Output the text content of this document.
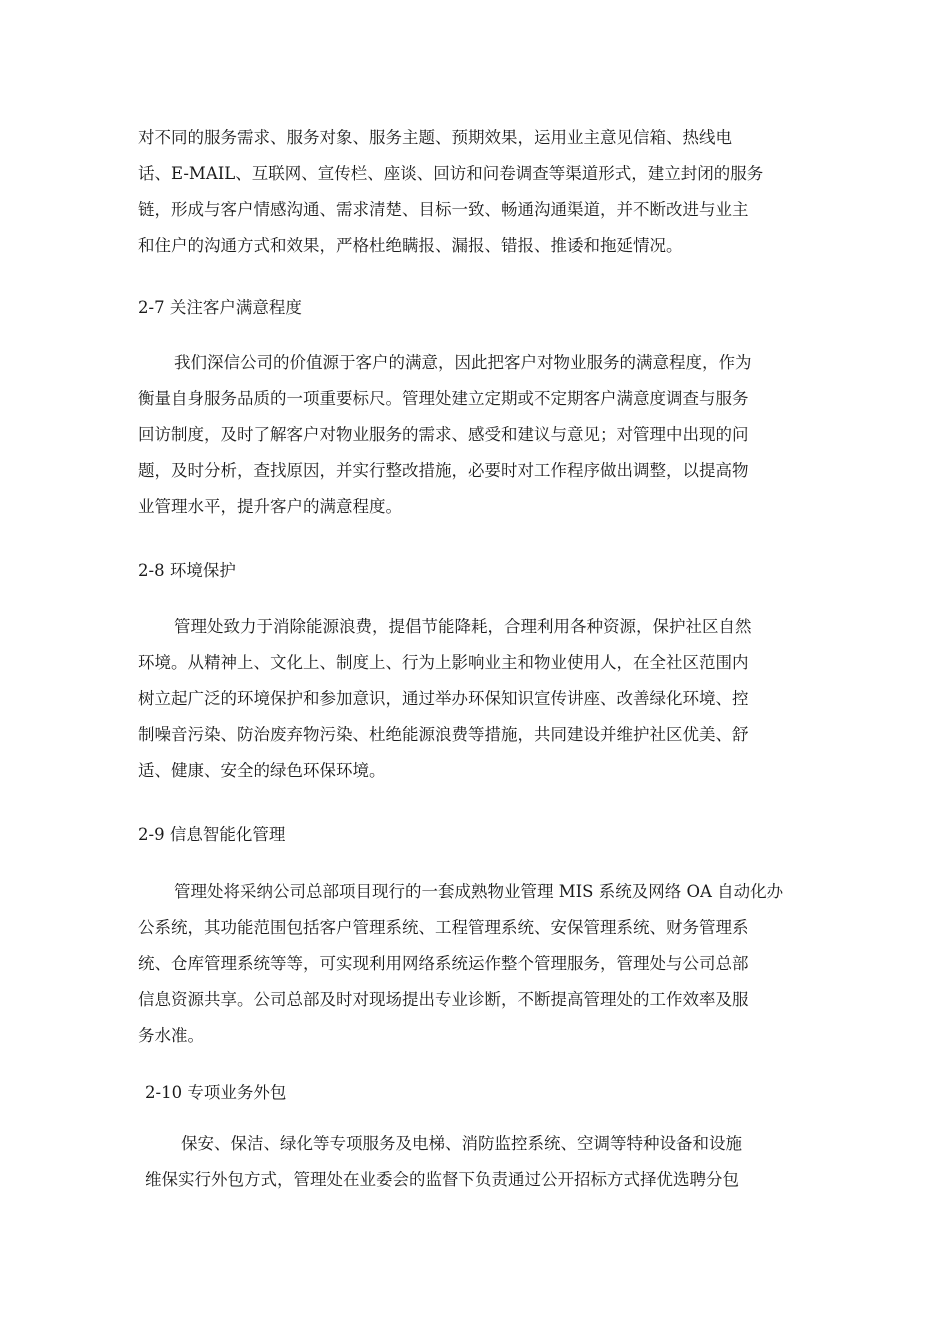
对不同的服务需求、服务对象、服务主题、预期效果，运用业主意见信箱、热线电
话、E-MAIL、互联网、宣传栏、座谈、回访和问卷调查等渠道形式，建立封闭的服务
链，形成与客户情感沟通、需求清楚、目标一致、畅通沟通渠道，并不断改进与业主
和住户的沟通方式和效果，严格杜绝瞒报、漏报、错报、推诿和拖延情况。
2-7 关注客户满意程度
我们深信公司的价值源于客户的满意，因此把客户对物业服务的满意程度，作为
衡量自身服务品质的一项重要标尺。管理处建立定期或不定期客户满意度调查与服务
回访制度，及时了解客户对物业服务的需求、感受和建议与意见；对管理中出现的问
题，及时分析，查找原因，并实行整改措施，必要时对工作程序做出调整，以提高物
业管理水平，提升客户的满意程度。
2-8 环境保护
管理处致力于消除能源浪费，提倡节能降耗，合理利用各种资源，保护社区自然
环境。从精神上、文化上、制度上、行为上影响业主和物业使用人，在全社区范围内
树立起广泛的环境保护和参加意识，通过举办环保知识宣传讲座、改善绿化环境、控
制噪音污染、防治废弃物污染、杜绝能源浪费等措施，共同建设并维护社区优美、舒
适、健康、安全的绿色环保环境。
2-9 信息智能化管理
管理处将采纳公司总部项目现行的一套成熟物业管理 MIS 系统及网络 OA 自动化办
公系统，其功能范围包括客户管理系统、工程管理系统、安保管理系统、财务管理系
统、仓库管理系统等等，可实现利用网络系统运作整个管理服务，管理处与公司总部
信息资源共享。公司总部及时对现场提出专业诊断，不断提高管理处的工作效率及服
务水准。
2-10 专项业务外包
保安、保洁、绿化等专项服务及电梯、消防监控系统、空调等特种设备和设施
维保实行外包方式，管理处在业委会的监督下负责通过公开招标方式择优选聘分包
